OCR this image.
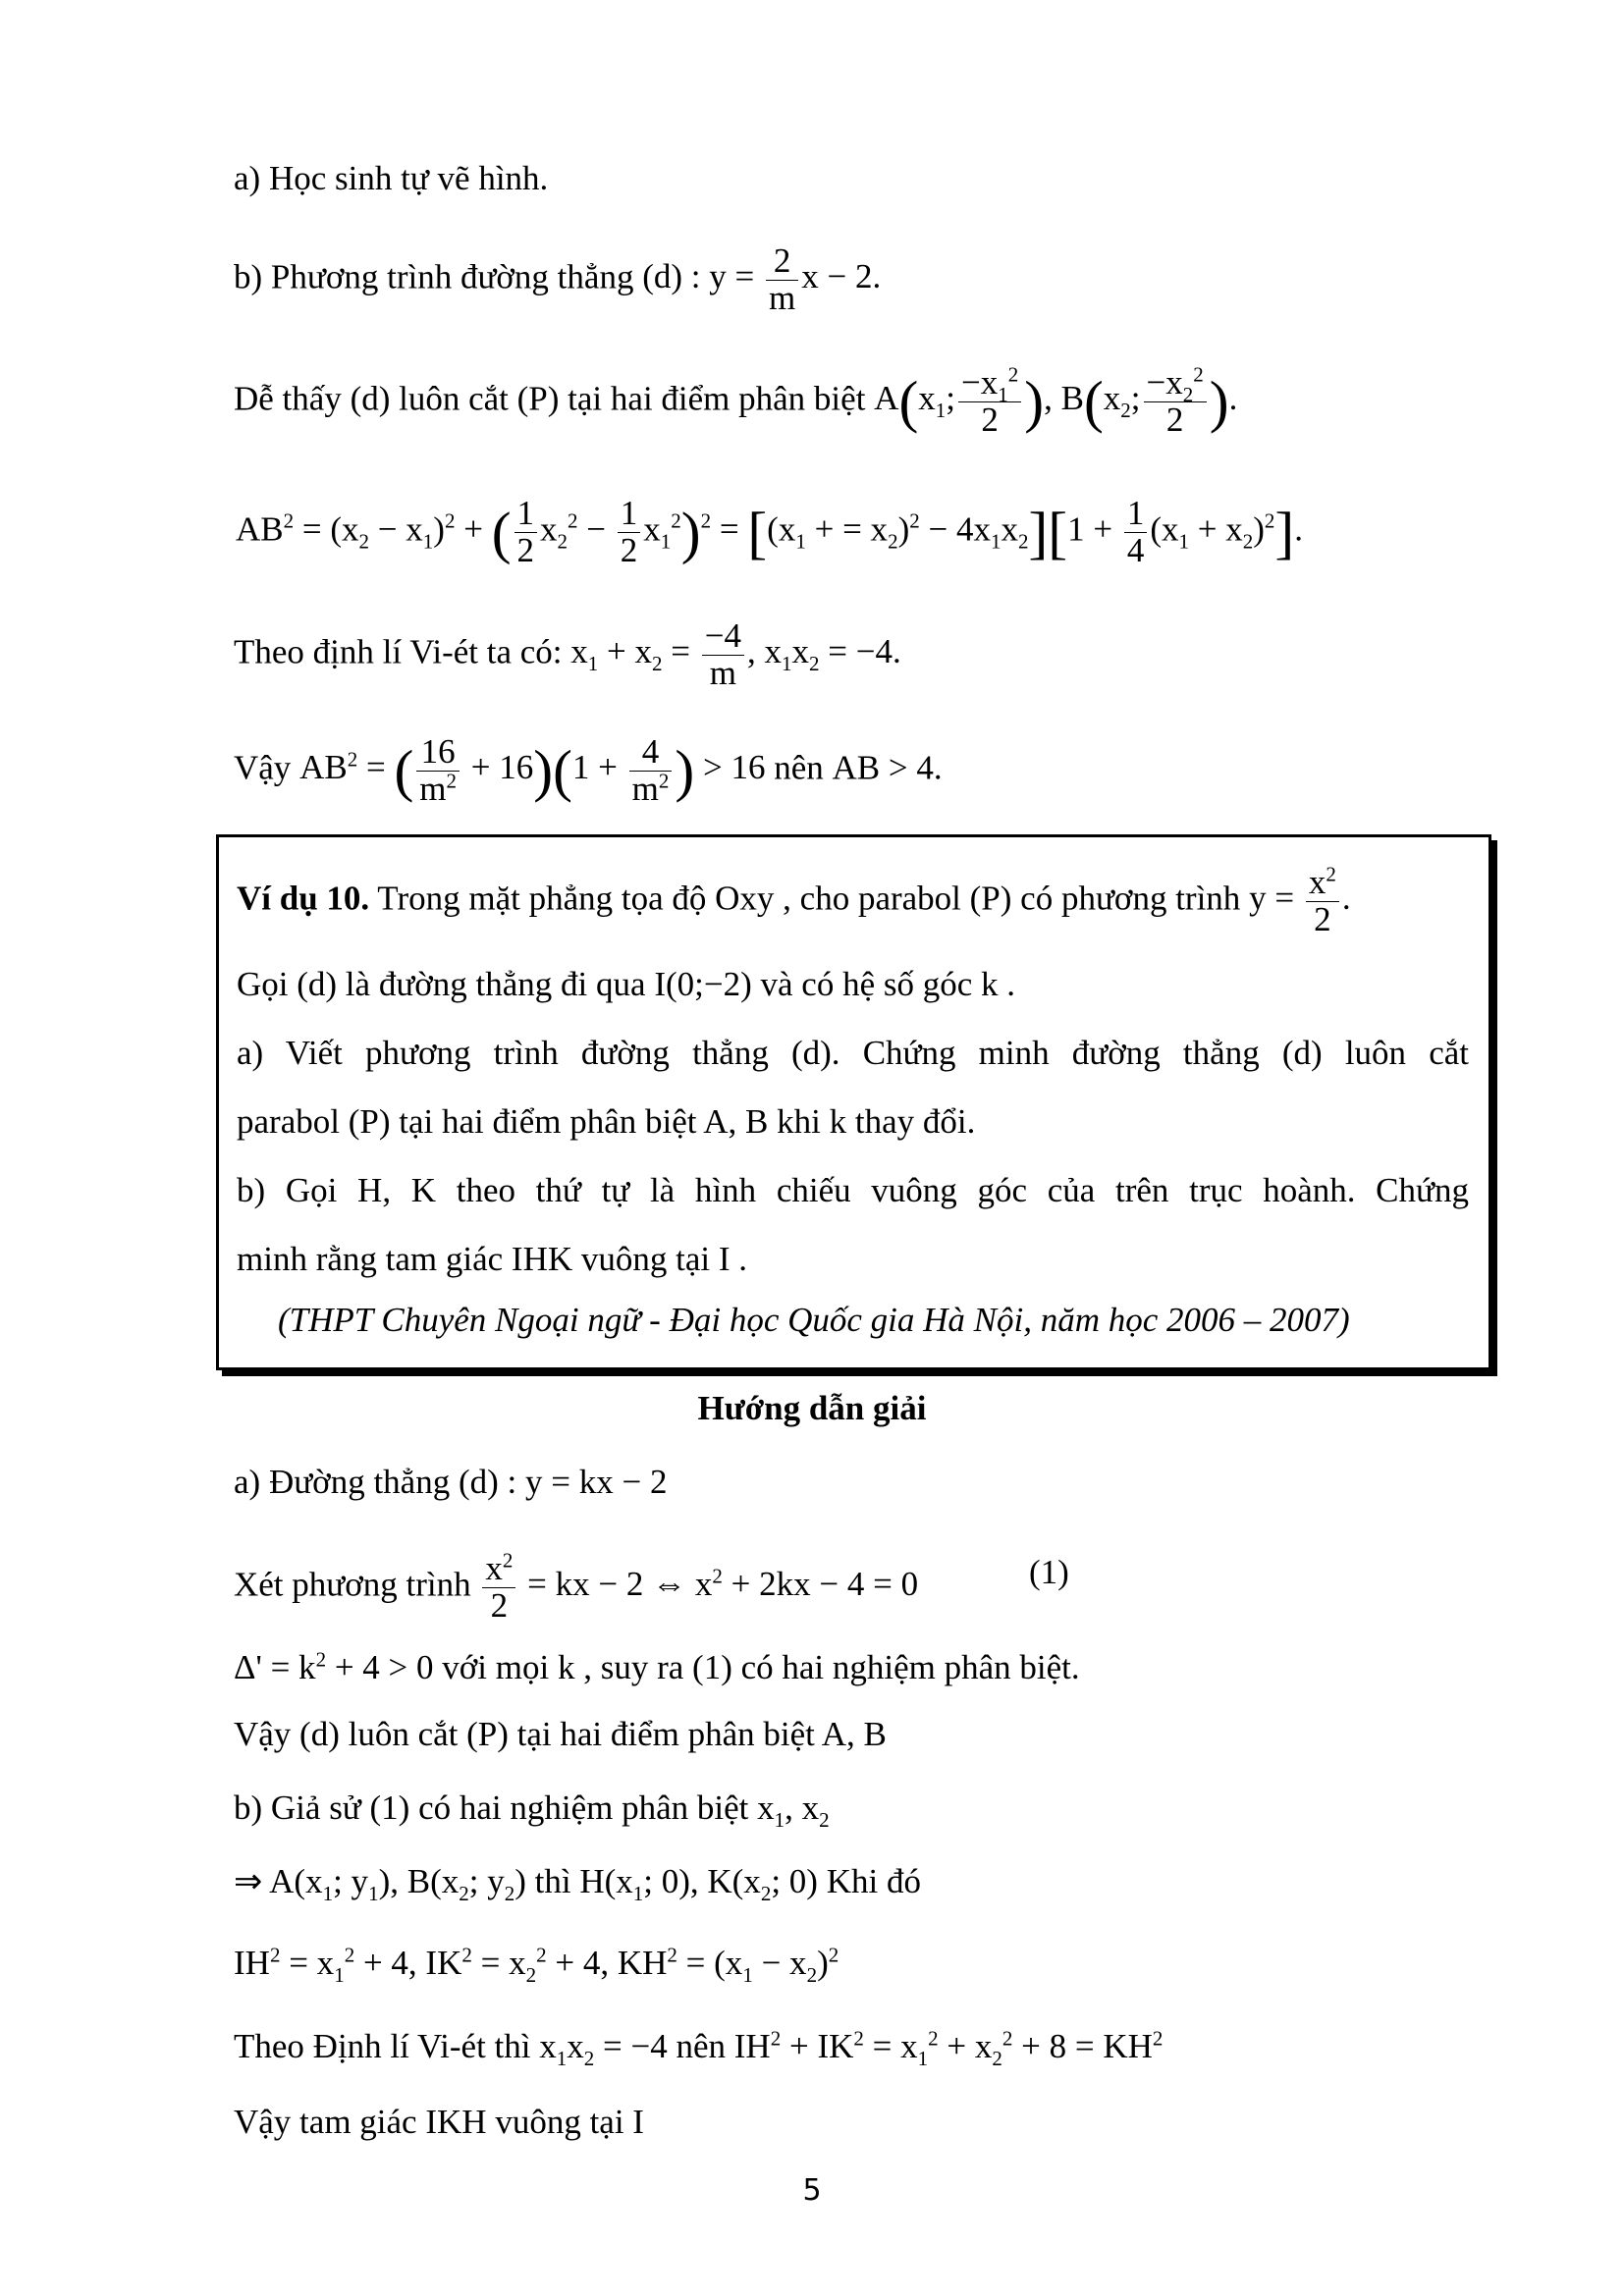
a) Học sinh tự vẽ hình.
b) Phương trình đường thẳng (d) : $y = \frac{2}{m}$ x − 2.
Dễ thấy (d) luôn cắt (P) tại hai điểm phân biệt $A(x_1$; $\frac{-x_1^2}{2}$ ), $B(x_2$; $\frac{-x_2^2}{2}$ ).
$AB^2 = (x_2 - x_1)^2$ + ( $\frac{1}{2} x_2^2 - \frac{1}{2} x_1^2)^2 = [(x_1$ + = $x_2)^2 - 4x_1x_2][1 + \frac{1}{4} (x_1 + x_2)^2]$.
Theo định lí Vi-ét ta có: $x_1 + x_2 = \frac{-4}{m}$ , $x_1x_2 = -4$.
Vậy $AB^2$ = ( $\frac{16}{m^2} + 16)(1 + \frac{4}{m^2}$ ) > 16 nên AB > 4.
Ví dụ 10. Trong mặt phẳng tọa độ Oxy , cho parabol (P) có phương trình $y = \frac{x^2}{2}$ .
Gọi (d) là đường thẳng đi qua I(0;−2) và có hệ số góc k .
a) Viết phương trình đường thẳng (d). Chứng minh đường thẳng (d) luôn cắt
parabol (P) tại hai điểm phân biệt A, B khi k thay đổi.
b) Gọi H, K theo thứ tự là hình chiếu vuông góc của trên trục hoành. Chứng
minh rằng tam giác IHK vuông tại I .
(THPT Chuyên Ngoại ngữ - Đại học Quốc gia Hà Nội, năm học 2006 – 2007)
Hướng dẫn giải
a) Đường thẳng (d) : y = kx − 2
Xét phương trình $\frac{x^2}{2}$ = kx − 2 ⇔ $x^2 + 2kx - 4 = 0$	(1)
$\Delta' = k^2 + 4 > 0$ với mọi k , suy ra (1) có hai nghiệm phân biệt.
Vậy (d) luôn cắt (P) tại hai điểm phân biệt A, B
b) Giả sử (1) có hai nghiệm phân biệt $x_1$, $x_2$
⇒ $A(x_1$; $y_1$), $B(x_2$; $y_2$) thì $H(x_1$; 0), $K(x_2$; 0) Khi đó
$IH^2 = x_1^2 + 4$, $IK^2 = x_2^2 + 4$, $KH^2 = (x_1 - x_2)^2$
Theo Định lí Vi-ét thì $x_1x_2 = -4$ nên $IH^2 + IK^2 = x_1^2 + x_2^2 + 8 = KH^2$
Vậy tam giác IKH vuông tại I
5
